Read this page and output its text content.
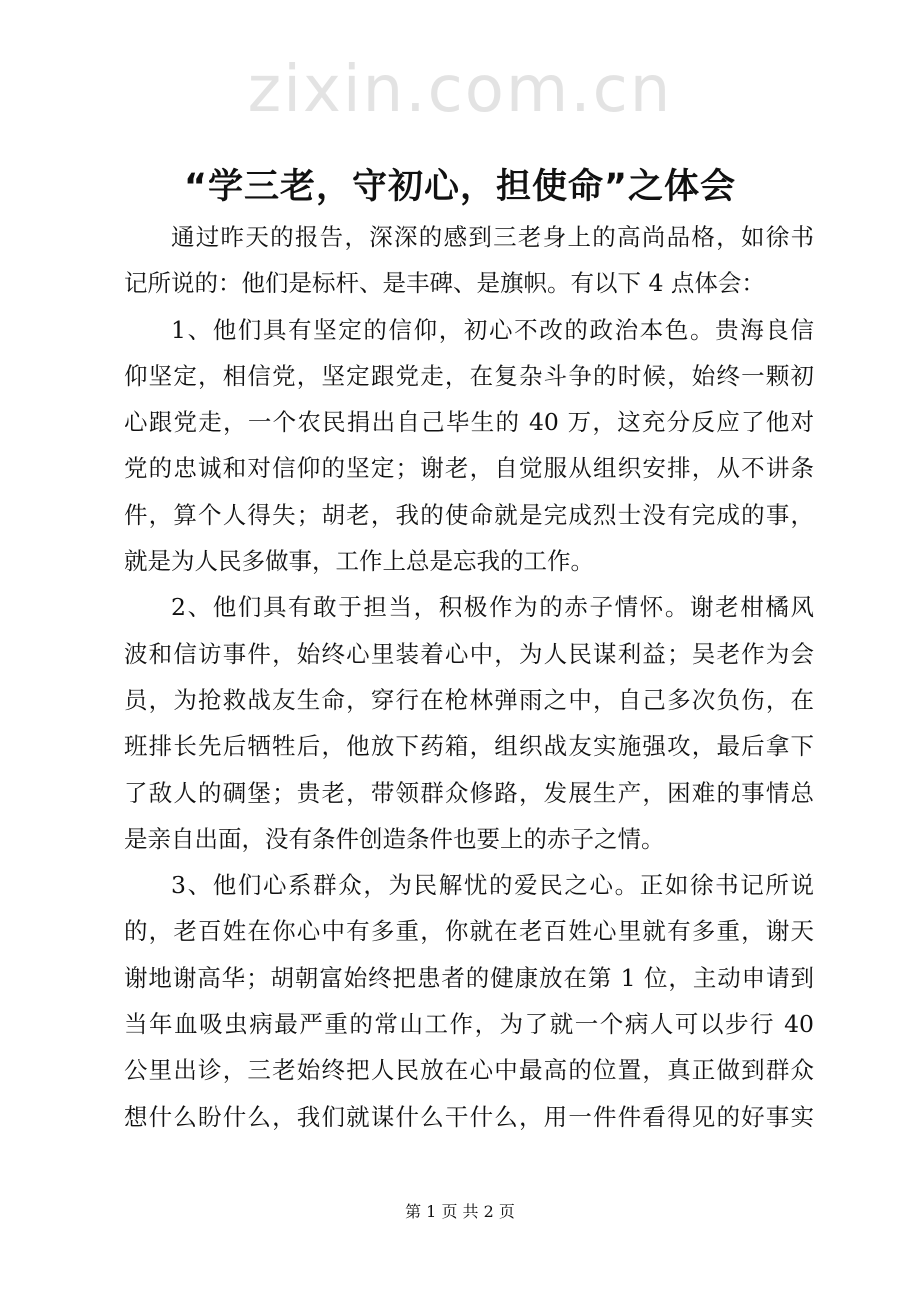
zixin.com.cn
“学三老，守初心，担使命”之体会
通过昨天的报告，深深的感到三老身上的高尚品格，如徐书
记所说的：他们是标杆、是丰碑、是旗帜。有以下 4 点体会：
1、他们具有坚定的信仰，初心不改的政治本色。贵海良信
仰坚定，相信党，坚定跟党走，在复杂斗争的时候，始终一颗初
心跟党走，一个农民捐出自己毕生的 40 万，这充分反应了他对
党的忠诚和对信仰的坚定；谢老，自觉服从组织安排，从不讲条
件，算个人得失；胡老，我的使命就是完成烈士没有完成的事，
就是为人民多做事，工作上总是忘我的工作。
2、他们具有敢于担当，积极作为的赤子情怀。谢老柑橘风
波和信访事件，始终心里装着心中，为人民谋利益；吴老作为会
员，为抢救战友生命，穿行在枪林弹雨之中，自己多次负伤，在
班排长先后牺牲后，他放下药箱，组织战友实施强攻，最后拿下
了敌人的碉堡；贵老，带领群众修路，发展生产，困难的事情总
是亲自出面，没有条件创造条件也要上的赤子之情。
3、他们心系群众，为民解忧的爱民之心。正如徐书记所说
的，老百姓在你心中有多重，你就在老百姓心里就有多重，谢天
谢地谢高华；胡朝富始终把患者的健康放在第 1 位，主动申请到
当年血吸虫病最严重的常山工作，为了就一个病人可以步行 40
公里出诊，三老始终把人民放在心中最高的位置，真正做到群众
想什么盼什么，我们就谋什么干什么，用一件件看得见的好事实
第 1 页 共 2 页
